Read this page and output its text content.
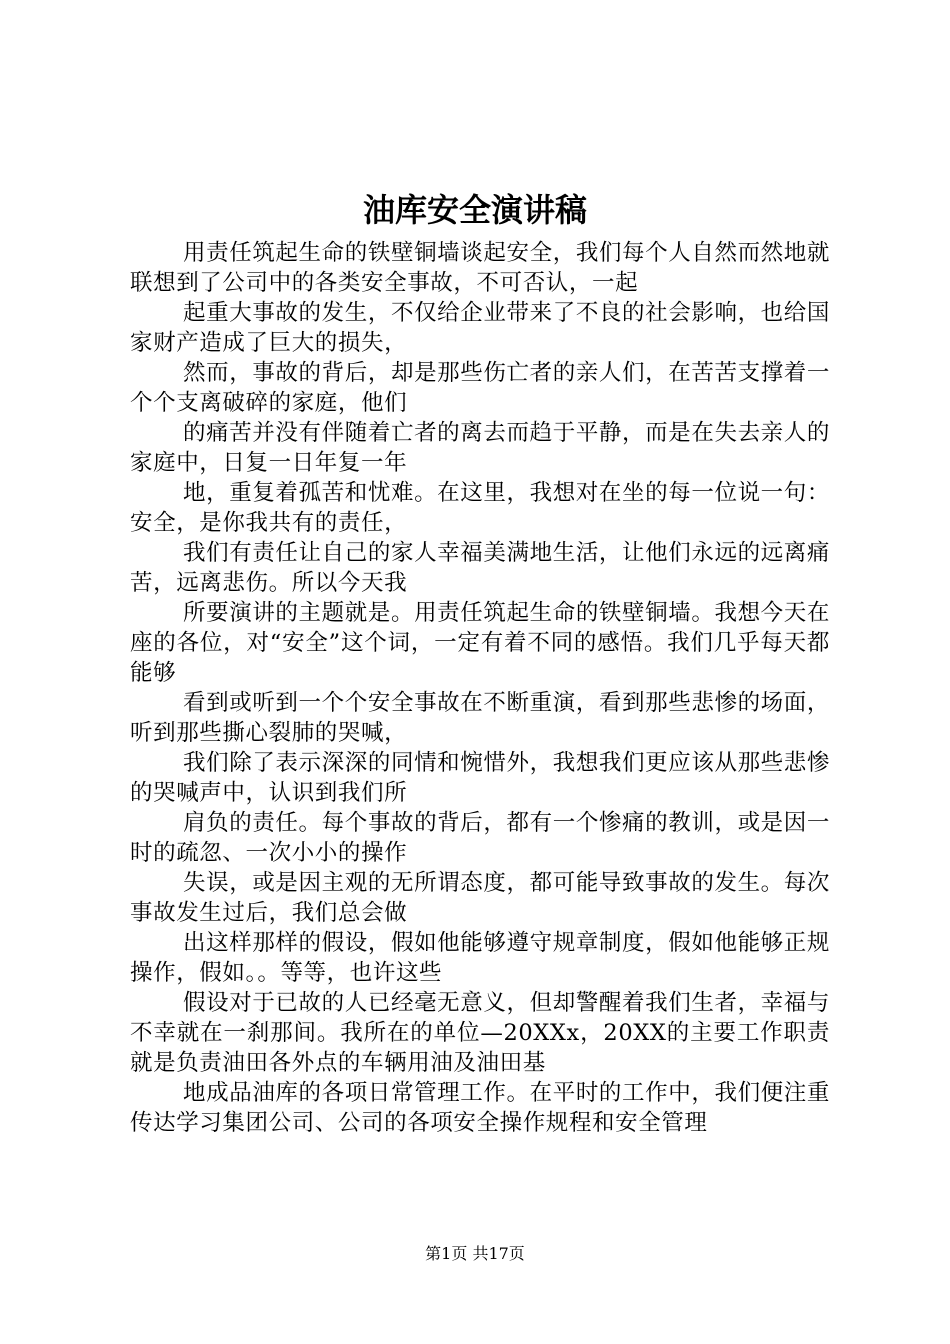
油库安全演讲稿

用责任筑起生命的铁壁铜墙谈起安全，我们每个人自然而然地就联想到了公司中的各类安全事故，不可否认，一起

起重大事故的发生，不仅给企业带来了不良的社会影响，也给国家财产造成了巨大的损失，

然而，事故的背后，却是那些伤亡者的亲人们，在苦苦支撑着一个个支离破碎的家庭，他们

的痛苦并没有伴随着亡者的离去而趋于平静，而是在失去亲人的家庭中，日复一日年复一年

地，重复着孤苦和忧难。在这里，我想对在坐的每一位说一句：安全，是你我共有的责任，

我们有责任让自己的家人幸福美满地生活，让他们永远的远离痛苦，远离悲伤。所以今天我

所要演讲的主题就是。用责任筑起生命的铁壁铜墙。我想今天在座的各位，对“安全”这个词，一定有着不同的感悟。我们几乎每天都能够

看到或听到一个个安全事故在不断重演，看到那些悲惨的场面，听到那些撕心裂肺的哭喊，

我们除了表示深深的同情和惋惜外，我想我们更应该从那些悲惨的哭喊声中，认识到我们所

肩负的责任。每个事故的背后，都有一个惨痛的教训，或是因一时的疏忽、一次小小的操作

失误，或是因主观的无所谓态度，都可能导致事故的发生。每次事故发生过后，我们总会做

出这样那样的假设，假如他能够遵守规章制度，假如他能够正规操作，假如。。等等，也许这些

假设对于已故的人已经毫无意义，但却警醒着我们生者，幸福与不幸就在一刹那间。我所在的单位—20XXx，20XX的主要工作职责就是负责油田各外点的车辆用油及油田基

地成品油库的各项日常管理工作。在平时的工作中，我们便注重传达学习集团公司、公司的各项安全操作规程和安全管理

第1页 共17页
